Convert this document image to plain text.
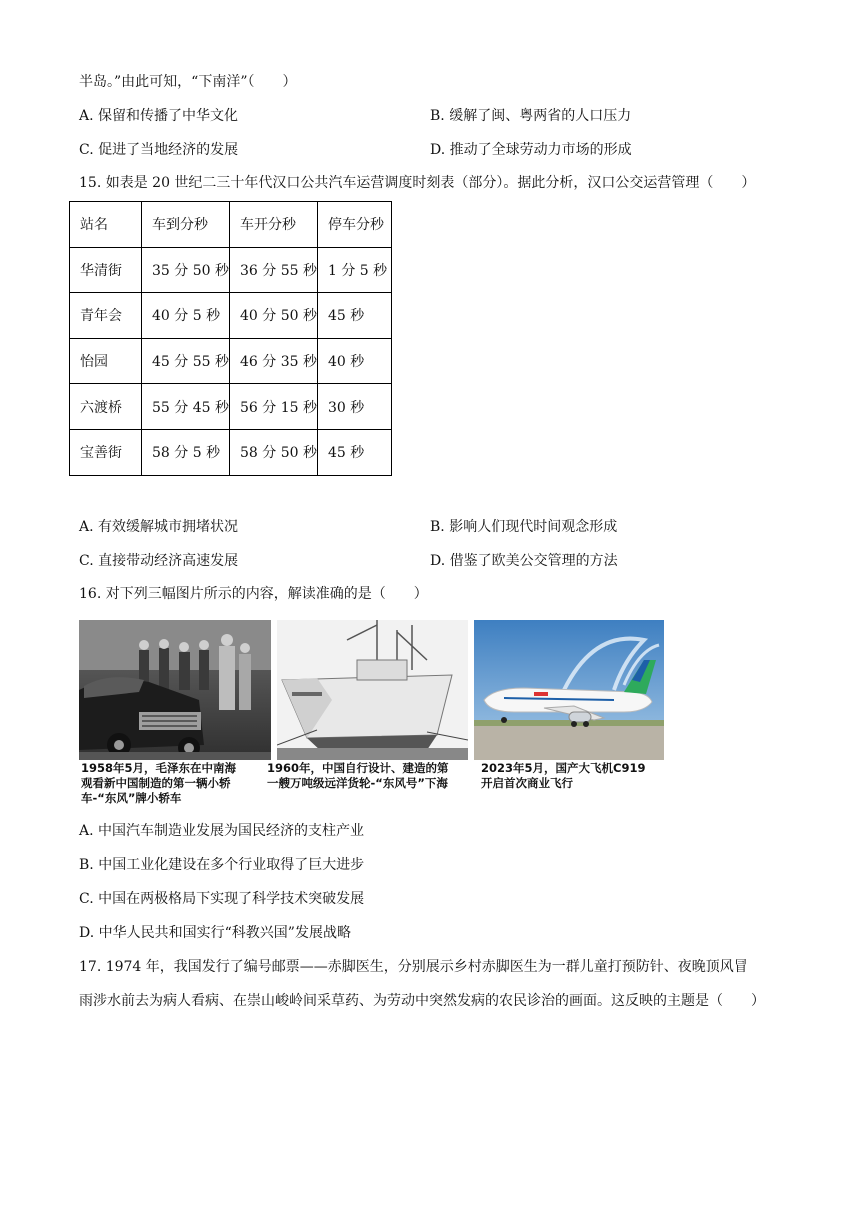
半岛。”由此可知，“下南洋”（　　）
A. 保留和传播了中华文化	B. 缓解了闽、粤两省的人口压力
C. 促进了当地经济的发展	D. 推动了全球劳动力市场的形成
15. 如表是 20 世纪二三十年代汉口公共汽车运营调度时刻表（部分）。据此分析，汉口公交运营管理（　　）
站名	车到分秒	车开分秒	停车分秒
华清街	35 分 50 秒	36 分 55 秒	1 分 5 秒
青年会	40 分 5 秒	40 分 50 秒	45 秒
怡园	45 分 55 秒	46 分 35 秒	40 秒
六渡桥	55 分 45 秒	56 分 15 秒	30 秒
宝善街	58 分 5 秒	58 分 50 秒	45 秒
A. 有效缓解城市拥堵状况	B. 影响人们现代时间观念形成
C. 直接带动经济高速发展	D. 借鉴了欧美公交管理的方法
16. 对下列三幅图片所示的内容，解读准确的是（　　）
1958年5月，毛泽东在中南海
观看新中国制造的第一辆小轿
车-“东风”牌小轿车
1960年，中国自行设计、建造的第
一艘万吨级远洋货轮-“东风号”下海
2023年5月，国产大飞机C919
开启首次商业飞行
A. 中国汽车制造业发展为国民经济的支柱产业
B. 中国工业化建设在多个行业取得了巨大进步
C. 中国在两极格局下实现了科学技术突破发展
D. 中华人民共和国实行“科教兴国”发展战略
17. 1974 年，我国发行了编号邮票——赤脚医生，分别展示乡村赤脚医生为一群儿童打预防针、夜晚顶风冒
雨涉水前去为病人看病、在崇山峻岭间采草药、为劳动中突然发病的农民诊治的画面。这反映的主题是（　　）
